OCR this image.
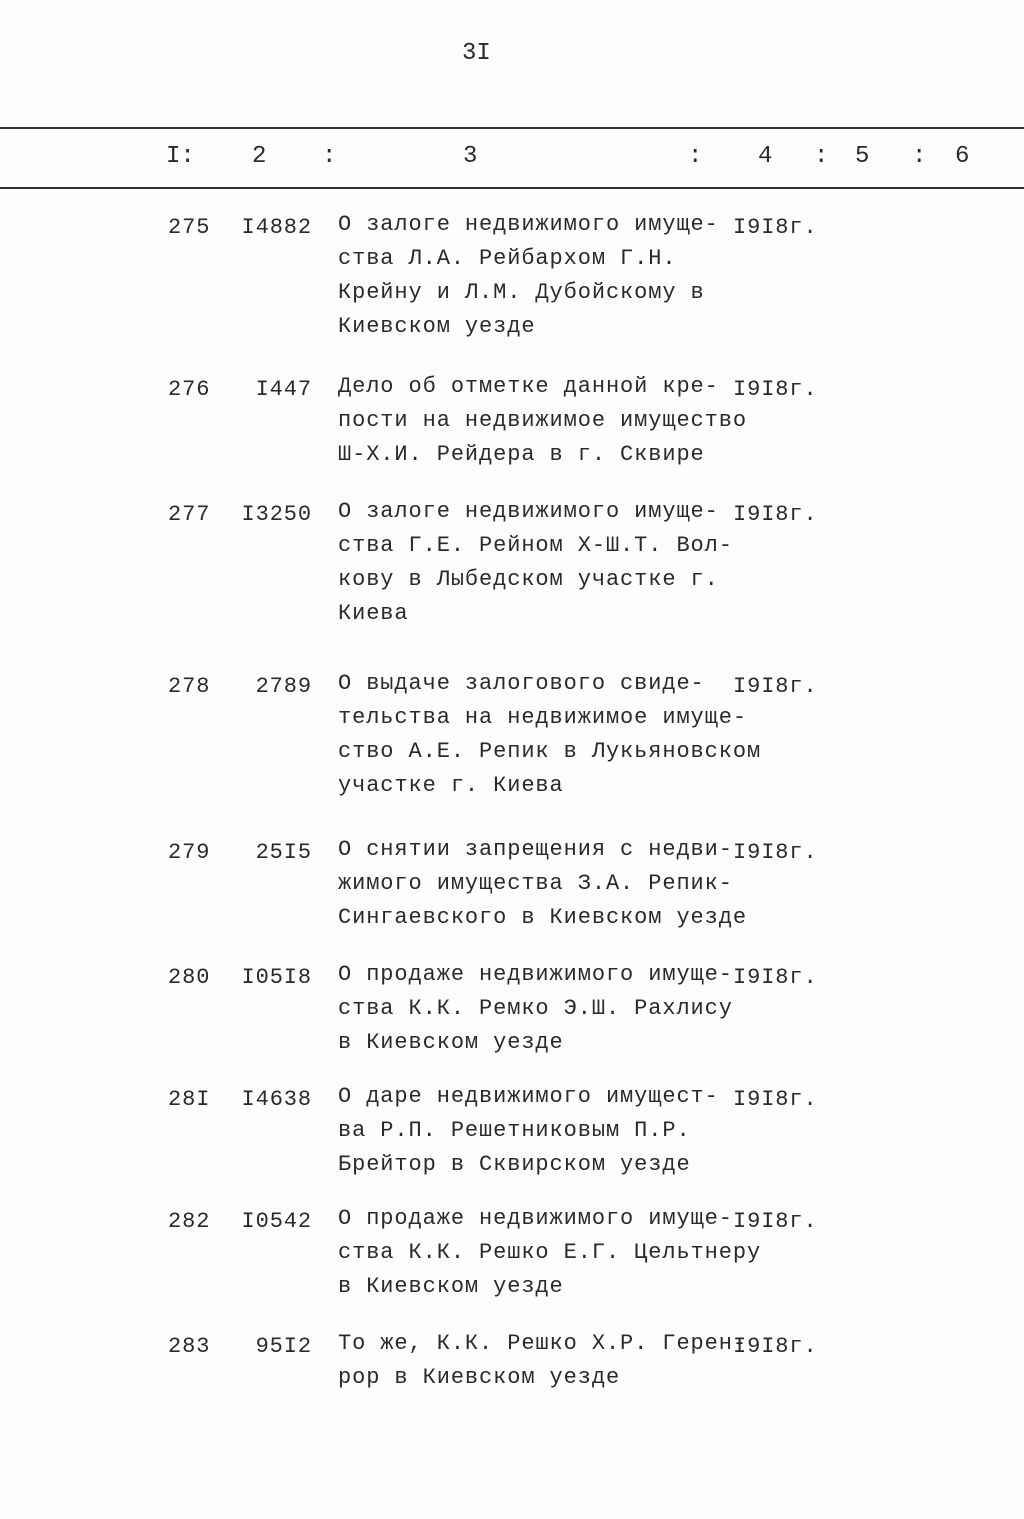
3I
I: 2 :	3	: 4 : 5 : 6
275	I4882 О залоге недвижимого имуще-
ства Л.А. Рейбархом Г.Н.
Крейну и Л.М. Дубойскому в
Киевском уезде
I9I8г.
276	I447 Дело об отметке данной кре-
пости на недвижимое имущество
Ш-Х.И. Рейдера в г. Сквире
I9I8г.
277	I3250 О залоге недвижимого имуще-
ства Г.Е. Рейном Х-Ш.Т. Вол-
кову в Лыбедском участке г.
Киева
I9I8г.
278	2789 О выдаче залогового свиде-
тельства на недвижимое имуще-
ство А.Е. Репик в Лукьяновском
участке г. Киева
I9I8г.
279	25I5 О снятии запрещения с недви-
жимого имущества З.А. Репик-
Сингаевского в Киевском уезде
I9I8г.
280	I05I8 О продаже недвижимого имуще-
ства К.К. Ремко Э.Ш. Рахлису
в Киевском уезде
I9I8г.
28I	I4638 О даре недвижимого имущест-
ва Р.П. Решетниковым П.Р.
Брейтор в Сквирском уезде
I9I8г.
282	I0542 О продаже недвижимого имуще-
ства К.К. Решко Е.Г. Цельтнеру
в Киевском уезде
I9I8г.
283	95I2 То же, К.К. Решко Х.Р. Герен-
рор в Киевском уезде
I9I8г.
